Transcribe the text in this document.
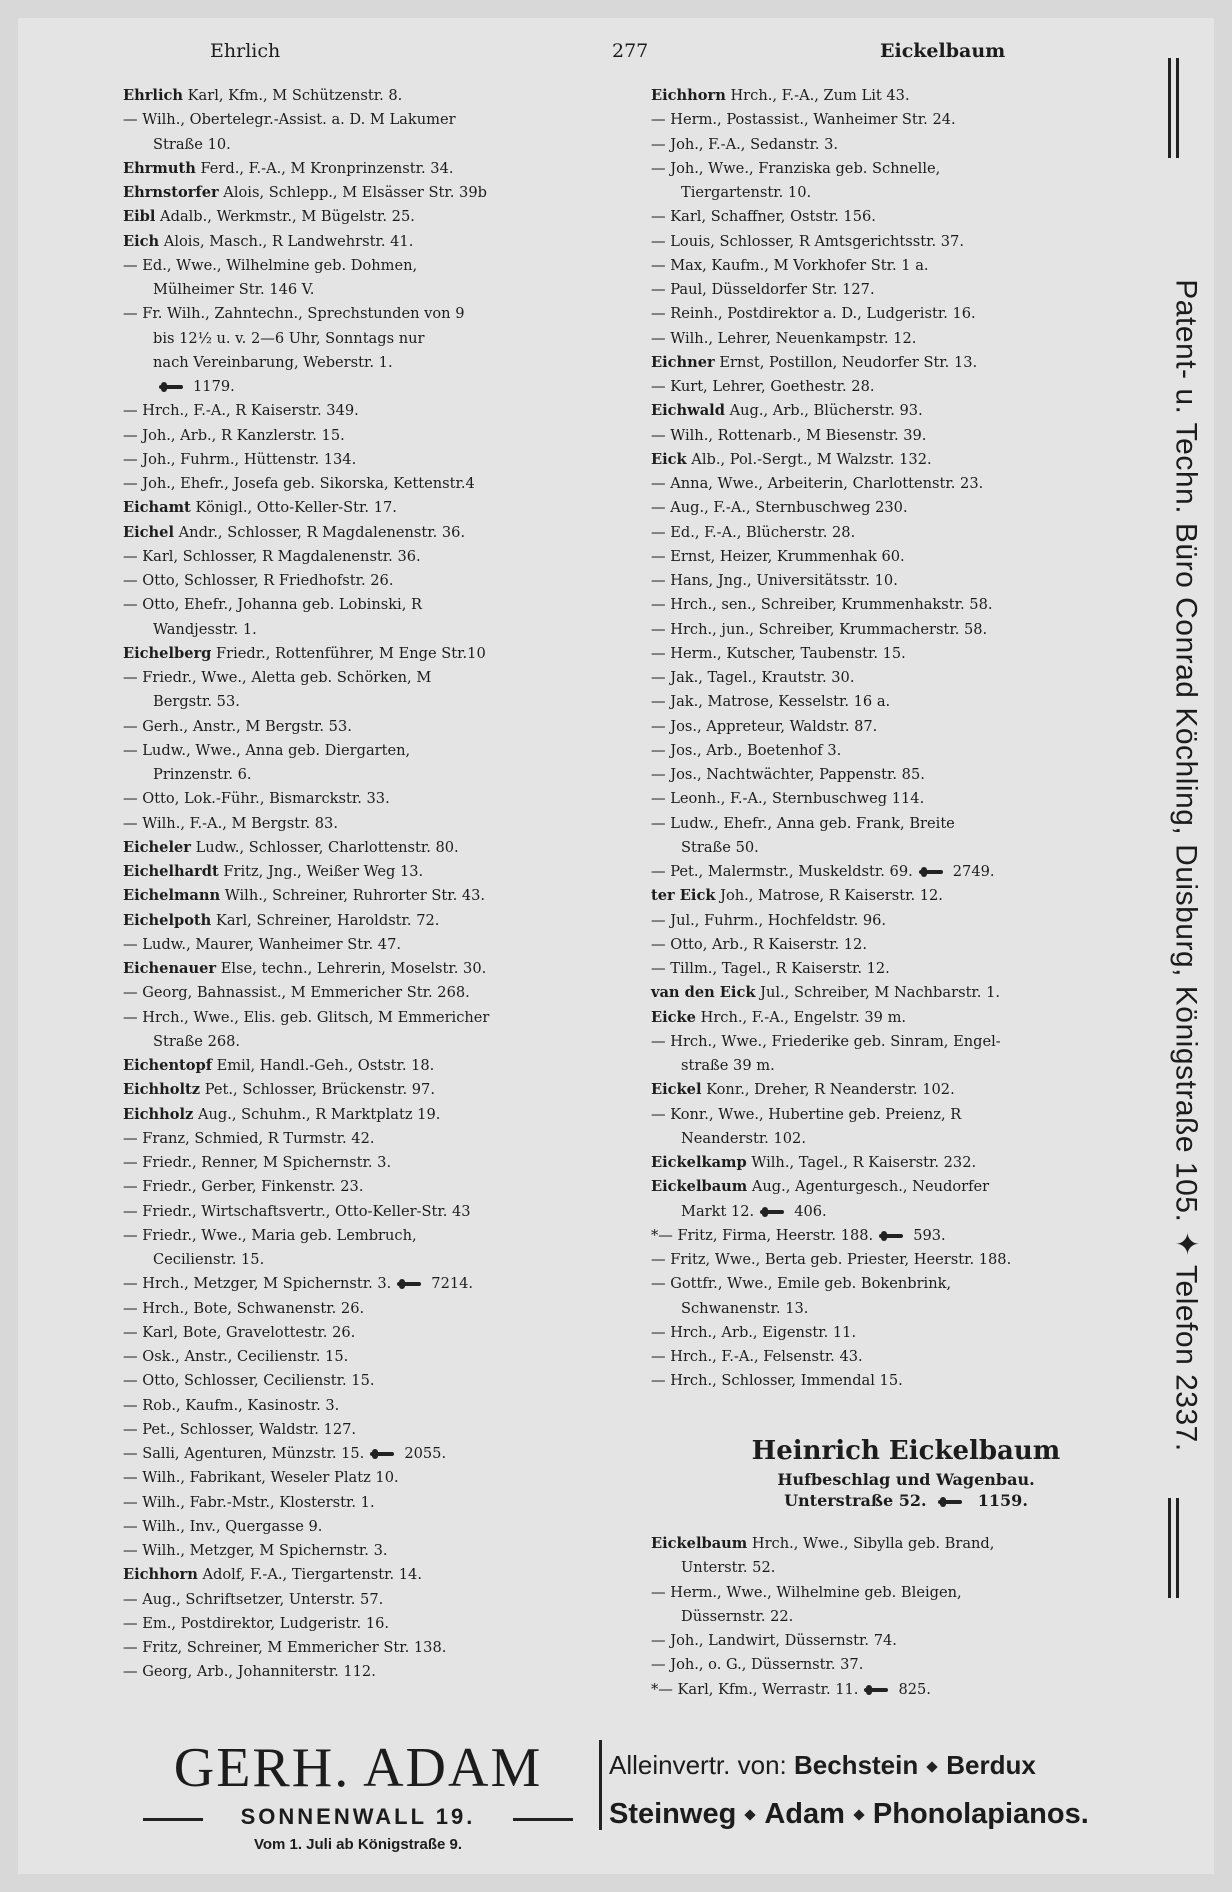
Ehrlich	277	Eickelbaum
Ehrlich Karl, Kfm., M Schützenstr. 8.
— Wilh., Obertelegr.-Assist. a. D. M Lakumer
Straße 10.
Ehrmuth Ferd., F.-A., M Kronprinzenstr. 34.
Ehrnstorfer Alois, Schlepp., M Elsässer Str. 39b
Eibl Adalb., Werkmstr., M Bügelstr. 25.
Eich Alois, Masch., R Landwehrstr. 41.
— Ed., Wwe., Wilhelmine geb. Dohmen,
Mülheimer Str. 146 V.
— Fr. Wilh., Zahntechn., Sprechstunden von 9
bis 12½ u. v. 2—6 Uhr, Sonntags nur
nach Vereinbarung, Weberstr. 1.
1179.
— Hrch., F.-A., R Kaiserstr. 349.
— Joh., Arb., R Kanzlerstr. 15.
— Joh., Fuhrm., Hüttenstr. 134.
— Joh., Ehefr., Josefa geb. Sikorska, Kettenstr.4
Eichamt Königl., Otto-Keller-Str. 17.
Eichel Andr., Schlosser, R Magdalenenstr. 36.
— Karl, Schlosser, R Magdalenenstr. 36.
— Otto, Schlosser, R Friedhofstr. 26.
— Otto, Ehefr., Johanna geb. Lobinski, R
Wandjesstr. 1.
Eichelberg Friedr., Rottenführer, M Enge Str.10
— Friedr., Wwe., Aletta geb. Schörken, M
Bergstr. 53.
— Gerh., Anstr., M Bergstr. 53.
— Ludw., Wwe., Anna geb. Diergarten,
Prinzenstr. 6.
— Otto, Lok.-Führ., Bismarckstr. 33.
— Wilh., F.-A., M Bergstr. 83.
Eicheler Ludw., Schlosser, Charlottenstr. 80.
Eichelhardt Fritz, Jng., Weißer Weg 13.
Eichelmann Wilh., Schreiner, Ruhrorter Str. 43.
Eichelpoth Karl, Schreiner, Haroldstr. 72.
— Ludw., Maurer, Wanheimer Str. 47.
Eichenauer Else, techn., Lehrerin, Moselstr. 30.
— Georg, Bahnassist., M Emmericher Str. 268.
— Hrch., Wwe., Elis. geb. Glitsch, M Emmericher
Straße 268.
Eichentopf Emil, Handl.-Geh., Oststr. 18.
Eichholtz Pet., Schlosser, Brückenstr. 97.
Eichholz Aug., Schuhm., R Marktplatz 19.
— Franz, Schmied, R Turmstr. 42.
— Friedr., Renner, M Spichernstr. 3.
— Friedr., Gerber, Finkenstr. 23.
— Friedr., Wirtschaftsvertr., Otto-Keller-Str. 43
— Friedr., Wwe., Maria geb. Lembruch,
Cecilienstr. 15.
— Hrch., Metzger, M Spichernstr. 3.	7214.
— Hrch., Bote, Schwanenstr. 26.
— Karl, Bote, Gravelottestr. 26.
— Osk., Anstr., Cecilienstr. 15.
— Otto, Schlosser, Cecilienstr. 15.
— Rob., Kaufm., Kasinostr. 3.
— Pet., Schlosser, Waldstr. 127.
— Salli, Agenturen, Münzstr. 15.	2055.
— Wilh., Fabrikant, Weseler Platz 10.
— Wilh., Fabr.-Mstr., Klosterstr. 1.
— Wilh., Inv., Quergasse 9.
— Wilh., Metzger, M Spichernstr. 3.
Eichhorn Adolf, F.-A., Tiergartenstr. 14.
— Aug., Schriftsetzer, Unterstr. 57.
— Em., Postdirektor, Ludgeristr. 16.
— Fritz, Schreiner, M Emmericher Str. 138.
— Georg, Arb., Johanniterstr. 112.
Eichhorn Hrch., F.-A., Zum Lit 43.
— Herm., Postassist., Wanheimer Str. 24.
— Joh., F.-A., Sedanstr. 3.
— Joh., Wwe., Franziska geb. Schnelle,
Tiergartenstr. 10.
— Karl, Schaffner, Oststr. 156.
— Louis, Schlosser, R Amtsgerichtsstr. 37.
— Max, Kaufm., M Vorkhofer Str. 1 a.
— Paul, Düsseldorfer Str. 127.
— Reinh., Postdirektor a. D., Ludgeristr. 16.
— Wilh., Lehrer, Neuenkampstr. 12.
Eichner Ernst, Postillon, Neudorfer Str. 13.
— Kurt, Lehrer, Goethestr. 28.
Eichwald Aug., Arb., Blücherstr. 93.
— Wilh., Rottenarb., M Biesenstr. 39.
Eick Alb., Pol.-Sergt., M Walzstr. 132.
— Anna, Wwe., Arbeiterin, Charlottenstr. 23.
— Aug., F.-A., Sternbuschweg 230.
— Ed., F.-A., Blücherstr. 28.
— Ernst, Heizer, Krummenhak 60.
— Hans, Jng., Universitätsstr. 10.
— Hrch., sen., Schreiber, Krummenhakstr. 58.
— Hrch., jun., Schreiber, Krummacherstr. 58.
— Herm., Kutscher, Taubenstr. 15.
— Jak., Tagel., Krautstr. 30.
— Jak., Matrose, Kesselstr. 16 a.
— Jos., Appreteur, Waldstr. 87.
— Jos., Arb., Boetenhof 3.
— Jos., Nachtwächter, Pappenstr. 85.
— Leonh., F.-A., Sternbuschweg 114.
— Ludw., Ehefr., Anna geb. Frank, Breite
Straße 50.
— Pet., Malermstr., Muskeldstr. 69.	2749.
ter Eick Joh., Matrose, R Kaiserstr. 12.
— Jul., Fuhrm., Hochfeldstr. 96.
— Otto, Arb., R Kaiserstr. 12.
— Tillm., Tagel., R Kaiserstr. 12.
van den Eick Jul., Schreiber, M Nachbarstr. 1.
Eicke Hrch., F.-A., Engelstr. 39 m.
— Hrch., Wwe., Friederike geb. Sinram, Engel-
straße 39 m.
Eickel Konr., Dreher, R Neanderstr. 102.
— Konr., Wwe., Hubertine geb. Preienz, R
Neanderstr. 102.
Eickelkamp Wilh., Tagel., R Kaiserstr. 232.
Eickelbaum Aug., Agenturgesch., Neudorfer
Markt 12.	406.
*— Fritz, Firma, Heerstr. 188.	593.
— Fritz, Wwe., Berta geb. Priester, Heerstr. 188.
— Gottfr., Wwe., Emile geb. Bokenbrink,
Schwanenstr. 13.
— Hrch., Arb., Eigenstr. 11.
— Hrch., F.-A., Felsenstr. 43.
— Hrch., Schlosser, Immendal 15.
Heinrich Eickelbaum
Hufbeschlag und Wagenbau.
Unterstraße 52.	1159.
Eickelbaum Hrch., Wwe., Sibylla geb. Brand,
Unterstr. 52.
— Herm., Wwe., Wilhelmine geb. Bleigen,
Düssernstr. 22.
— Joh., Landwirt, Düssernstr. 74.
— Joh., o. G., Düssernstr. 37.
*— Karl, Kfm., Werrastr. 11.	825.
Patent- u. Techn. Büro Conrad Köchling, Duisburg, Königstraße 105. ✦ Telefon 2337.
GERH. ADAM
SONNENWALL 19.
Vom 1. Juli ab Königstraße 9.
Alleinvertr. von: Bechstein Berdux
Steinweg Adam Phonolapianos.
